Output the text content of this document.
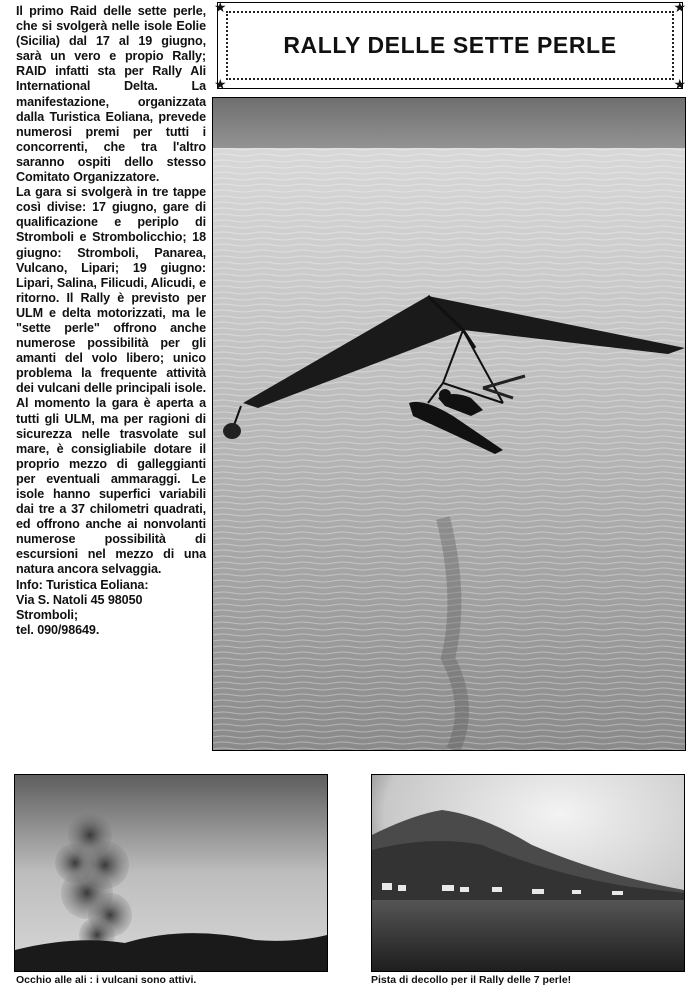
Il primo Raid delle sette perle, che si svolgerà nelle isole Eolie (Sicilia) dal 17 al 19 giugno, sarà un vero e propio Rally; RAID infatti sta per Rally Ali International Delta. La manifestazione, organizzata dalla Turistica Eoliana, prevede numerosi premi per tutti i concorrenti, che tra l'altro saranno ospiti dello stesso Comitato Organizzatore.

La gara si svolgerà in tre tappe così divise: 17 giugno, gare di qualificazione e periplo di Stromboli e Strombolicchio; 18 giugno: Stromboli, Panarea, Vulcano, Lipari; 19 giugno: Lipari, Salina, Filicudi, Alicudi, e ritorno. Il Rally è previsto per ULM e delta motorizzati, ma le "sette perle" offrono anche numerose possibilità per gli amanti del volo libero; unico problema la frequente attività dei vulcani delle principali isole. Al momento la gara è aperta a tutti gli ULM, ma per ragioni di sicurezza nelle trasvolate sul mare, è consigliabile dotare il proprio mezzo di galleggianti per eventuali ammaraggi. Le isole hanno superfici variabili dai tre a 37 chilometri quadrati, ed offrono anche ai nonvolanti numerose possibilità di escursioni nel mezzo di una natura ancora selvaggia.

Info: Turistica Eoliana:
Via S. Natoli 45 98050
Stromboli;
tel. 090/98649.
★	★
★	★
RALLY DELLE SETTE PERLE
Occhio alle ali : i vulcani sono attivi.	Pista di decollo per il Rally delle 7 perle!
